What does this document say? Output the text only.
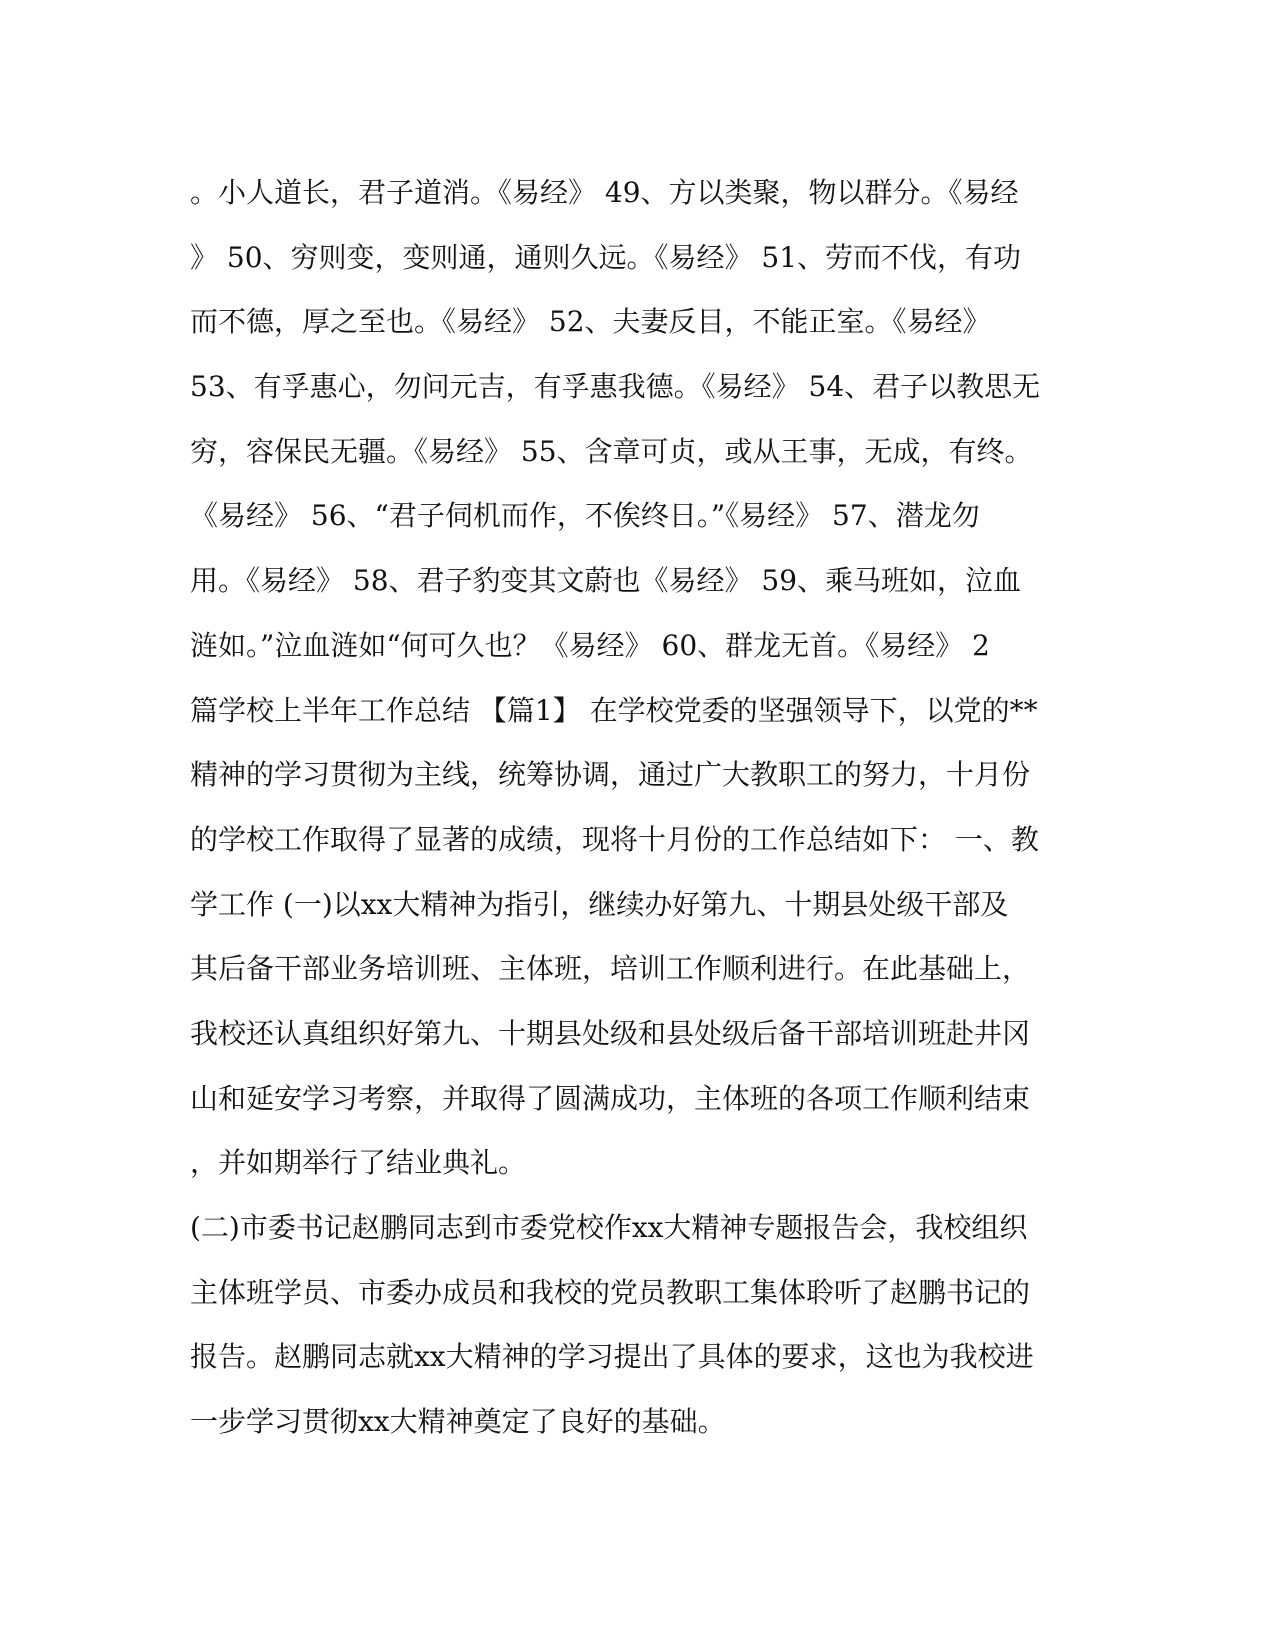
。小人道长，君子道消。《易经》 49、方以类聚，物以群分。《易经
》 50、穷则变，变则通，通则久远。《易经》 51、劳而不伐，有功
而不德，厚之至也。《易经》 52、夫妻反目，不能正室。《易经》
53、有孚惠心，勿问元吉，有孚惠我德。《易经》 54、君子以教思无
穷，容保民无疆。《易经》 55、含章可贞，或从王事，无成，有终。
《易经》 56、“君子伺机而作，不俟终日。”《易经》 57、潜龙勿
用。《易经》 58、君子豹变其文蔚也《易经》 59、乘马班如，泣血
涟如。”泣血涟如“何可久也？《易经》 60、群龙无首。《易经》 2
篇学校上半年工作总结 【篇1】 在学校党委的坚强领导下，以党的**
精神的学习贯彻为主线，统筹协调，通过广大教职工的努力，十月份
的学校工作取得了显著的成绩，现将十月份的工作总结如下： 一、教
学工作 (一)以xx大精神为指引，继续办好第九、十期县处级干部及
其后备干部业务培训班、主体班，培训工作顺利进行。在此基础上，
我校还认真组织好第九、十期县处级和县处级后备干部培训班赴井冈
山和延安学习考察，并取得了圆满成功，主体班的各项工作顺利结束
，并如期举行了结业典礼。
(二)市委书记赵鹏同志到市委党校作xx大精神专题报告会，我校组织
主体班学员、市委办成员和我校的党员教职工集体聆听了赵鹏书记的
报告。赵鹏同志就xx大精神的学习提出了具体的要求，这也为我校进
一步学习贯彻xx大精神奠定了良好的基础。
